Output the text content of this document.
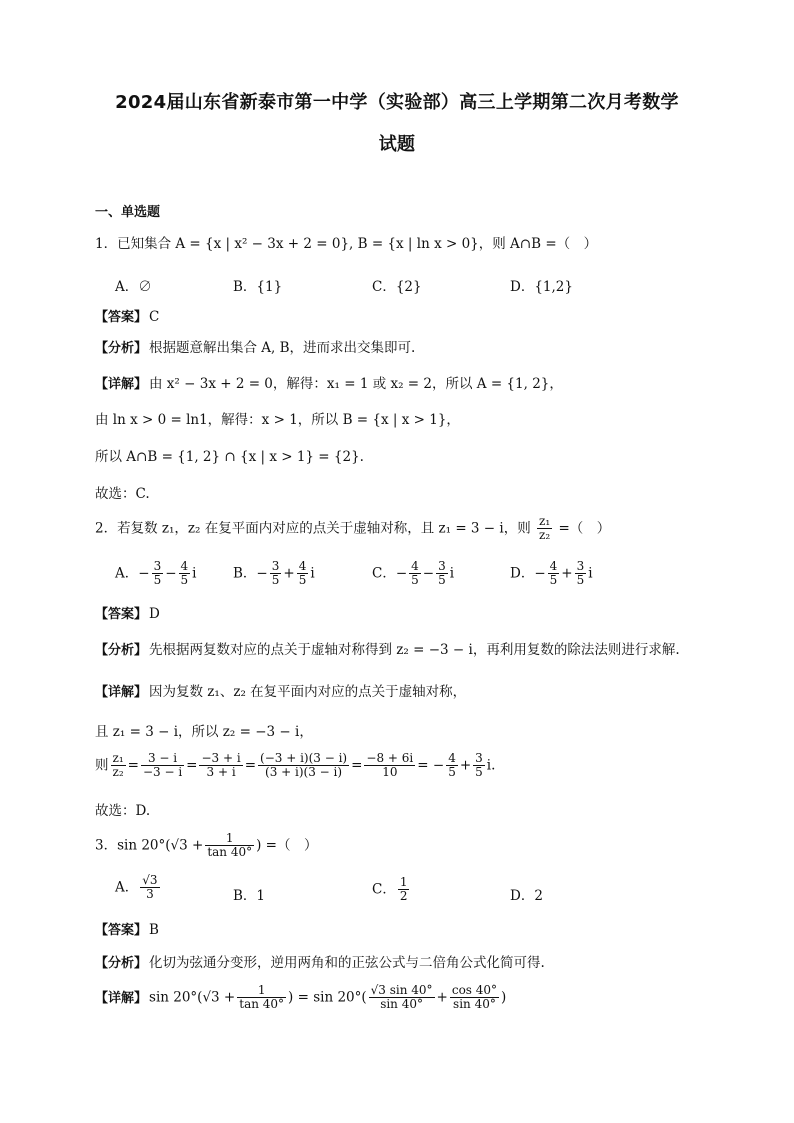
2024届山东省新泰市第一中学（实验部）高三上学期第二次月考数学
试题
一、单选题
1．已知集合 A = {x | x² − 3x + 2 = 0}, B = {x | ln x > 0}，则 A∩B =（　）
A．∅	B．{1}	C．{2}	D．{1,2}
【答案】 C
【分析】 根据题意解出集合 A, B，进而求出交集即可.
【详解】 由 x² − 3x + 2 = 0，解得：x₁ = 1 或 x₂ = 2，所以 A = {1, 2}，
由 ln x > 0 = ln1，解得：x > 1，所以 B = {x | x > 1}，
所以 A∩B = {1, 2} ∩ {x | x > 1} = {2}.
故选：C.
2．若复数 z₁，z₂ 在复平面内对应的点关于虚轴对称，且 z₁ = 3 − i，则 $\frac{\text{z₁}}{\text{z₂}}$ =（　）
A．− $\frac{3}{5} - \frac{4}{5}$ i	B．− $\frac{3}{5} + \frac{4}{5}$ i	C．− $\frac{4}{5} - \frac{3}{5}$ i	D．− $\frac{4}{5} + \frac{3}{5}$ i
【答案】 D
【分析】 先根据两复数对应的点关于虚轴对称得到 z₂ = −3 − i，再利用复数的除法法则进行求解.
【详解】 因为复数 z₁、z₂ 在复平面内对应的点关于虚轴对称，
且 z₁ = 3 − i，所以 z₂ = −3 − i，
则 $\frac{\text{z₁}}{\text{z₂}} = \frac{3 - i}{-3 - i} = \frac{-3 + i}{3 + i} = \frac{(-3 + i)(3 - i)}{(3 + i)(3 - i)} = \frac{-8 + 6i}{10}$ = − $\frac{4}{5} + \frac{3}{5} i$.
故选：D.
3．$\sin 20^\circ(√3 + \frac{1}{\tan 40^\circ}$ ) =（　）
A． $\frac{√3}{3}$	B．1	C． $\frac{1}{2}$	D．2
【答案】 B
【分析】 化切为弦通分变形，逆用两角和的正弦公式与二倍角公式化简可得.
【详解】 $\sin 20^\circ(√3 + \frac{1}{\tan 40^\circ}$ ) = $\sin 20^\circ( \frac{√3 \sin 40^\circ}{\sin 40^\circ} + \frac{\cos 40^\circ}{\sin 40^\circ}$ )
